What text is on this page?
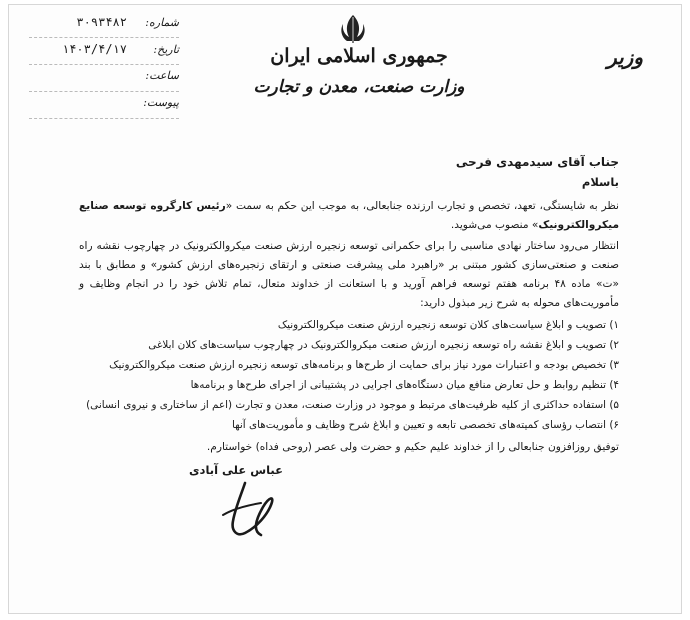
شماره:
۳۰۹۳۴۸۲
تاریخ:
۱۴۰۳/۴/۱۷
ساعت:
پیوست:
جمهوری اسلامی ایران
وزارت صنعت، معدن و تجارت
وزیر

جناب آقای سیدمهدی فرحی

باسلام

نظر به شایستگی، تعهد، تخصص و تجارب ارزنده جنابعالی، به موجب این حکم به سمت «رئیس کارگروه توسعه صنایع میکروالکترونیک» منصوب می‌شوید.

انتظار می‌رود ساختار نهادی مناسبی را برای حکمرانی توسعه زنجیره ارزش صنعت میکروالکترونیک در چهارچوب نقشه راه صنعت و صنعتی‌سازی کشور مبتنی بر «راهبرد ملی پیشرفت صنعتی و ارتقای زنجیره‌های ارزش کشور» و مطابق با بند «ت» ماده ۴۸ برنامه هفتم توسعه فراهم آورید و با استعانت از خداوند متعال، تمام تلاش خود را در انجام وظایف و مأموریت‌های محوله به شرح زیر مبذول دارید:

۱) تصویب و ابلاغ سیاست‌های کلان توسعه زنجیره ارزش صنعت میکروالکترونیک

۲) تصویب و ابلاغ نقشه راه توسعه زنجیره ارزش صنعت میکروالکترونیک در چهارچوب سیاست‌های کلان ابلاغی

۳) تخصیص بودجه و اعتبارات مورد نیاز برای حمایت از طرح‌ها و برنامه‌های توسعه زنجیره ارزش صنعت میکروالکترونیک

۴) تنظیم روابط و حل تعارض منافع میان دستگاه‌های اجرایی در پشتیبانی از اجرای طرح‌ها و برنامه‌ها

۵) استفاده حداکثری از کلیه ظرفیت‌های مرتبط و موجود در وزارت صنعت، معدن و تجارت (اعم از ساختاری و نیروی انسانی)

۶) انتصاب رؤسای کمیته‌های تخصصی تابعه و تعیین و ابلاغ شرح وظایف و مأموریت‌های آنها

توفیق روزافزون جنابعالی را از خداوند علیم حکیم و حضرت ولی عصر (روحی فداه) خواستارم.

عباس علی آبادی
